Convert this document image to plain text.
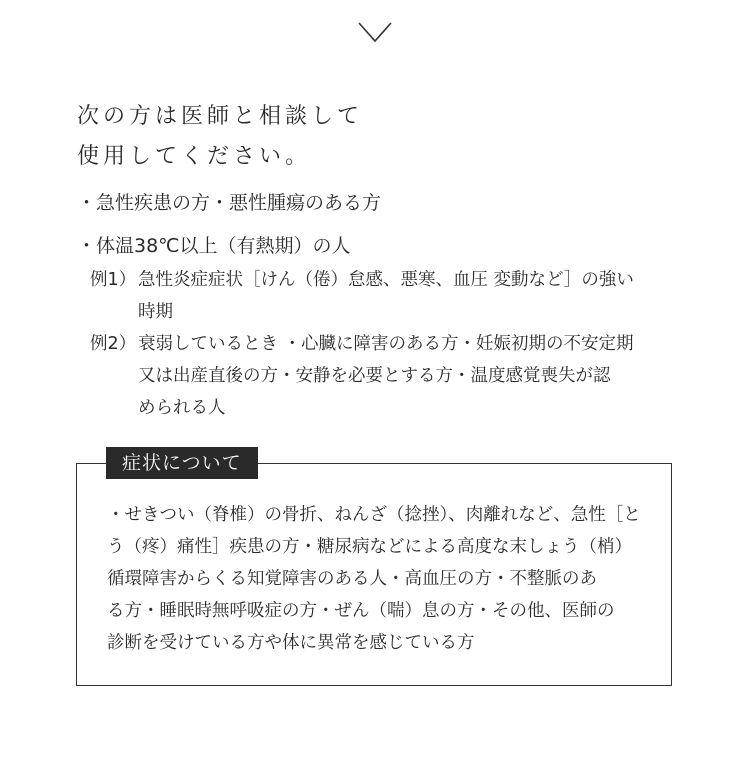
次の方は医師と相談して
使用してください。
・急性疾患の方・悪性腫瘍のある方
・体温38℃以上（有熱期）の人
例1） 急性炎症症状［けん（倦）怠感、悪寒、血圧 変動など］の強い
時期
例2） 衰弱しているとき ・心臓に障害のある方・妊娠初期の不安定期
又は出産直後の方・安静を必要とする方・温度感覚喪失が認
められる人
症状について
・せきつい（脊椎）の骨折、ねんざ（捻挫）、肉離れなど、急性［と
う（疼）痛性］疾患の方・糖尿病などによる高度な末しょう（梢）
循環障害からくる知覚障害のある人・高血圧の方・不整脈のあ
る方・睡眠時無呼吸症の方・ぜん（喘）息の方・その他、医師の
診断を受けている方や体に異常を感じている方
